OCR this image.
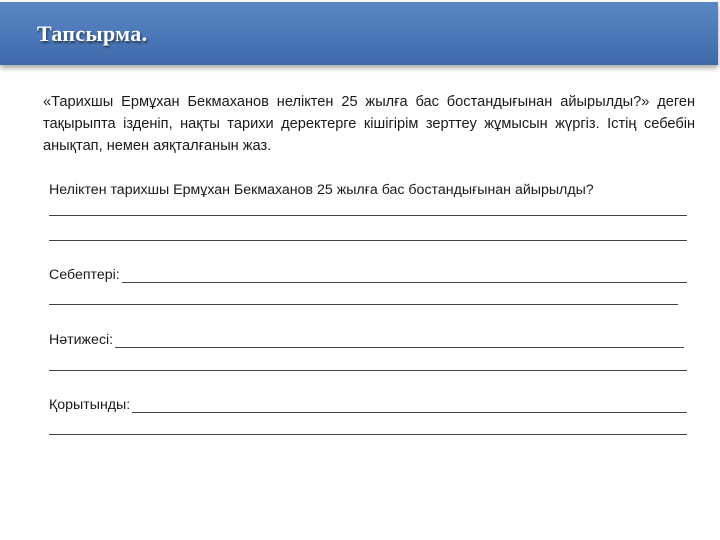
Тапсырма.
«Тарихшы Ермұхан Бекмаханов неліктен 25 жылға бас бостандығынан айырылды?» деген тақырыпта ізденіп, нақты тарихи деректерге кішігірім зерттеу жұмысын жүргіз. Істің себебін анықтап, немен аяқталғанын жаз.
Неліктен тарихшы Ермұхан Бекмаханов 25 жылға бас бостандығынан айырылды?
Себептері:
Нәтижесі:
Қорытынды:
